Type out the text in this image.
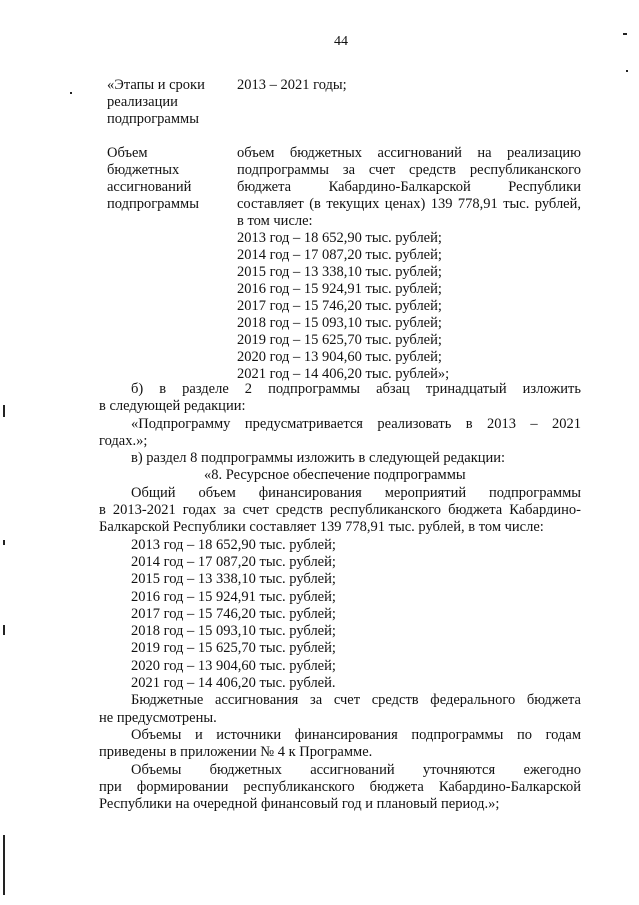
44
«Этапы и сроки
реализации
подпрограммы
2013 – 2021 годы;
Объем
бюджетных
ассигнований
подпрограммы
объем бюджетных ассигнований на реализацию
подпрограммы за счет средств республиканского
бюджета Кабардино-Балкарской Республики
составляет (в текущих ценах) 139 778,91 тыс. рублей,
в том числе:
2013 год – 18 652,90 тыс. рублей;
2014 год – 17 087,20 тыс. рублей;
2015 год – 13 338,10 тыс. рублей;
2016 год – 15 924,91 тыс. рублей;
2017 год – 15 746,20 тыс. рублей;
2018 год – 15 093,10 тыс. рублей;
2019 год – 15 625,70 тыс. рублей;
2020 год – 13 904,60 тыс. рублей;
2021 год – 14 406,20 тыс. рублей»;
б) в разделе 2 подпрограммы абзац тринадцатый изложить
в следующей редакции:
«Подпрограмму предусматривается реализовать в 2013 – 2021
годах.»;
в) раздел 8 подпрограммы изложить в следующей редакции:
«8. Ресурсное обеспечение подпрограммы
Общий объем финансирования мероприятий подпрограммы
в 2013-2021 годах за счет средств республиканского бюджета Кабардино-
Балкарской Республики составляет 139 778,91 тыс. рублей, в том числе:
2013 год – 18 652,90 тыс. рублей;
2014 год – 17 087,20 тыс. рублей;
2015 год – 13 338,10 тыс. рублей;
2016 год – 15 924,91 тыс. рублей;
2017 год – 15 746,20 тыс. рублей;
2018 год – 15 093,10 тыс. рублей;
2019 год – 15 625,70 тыс. рублей;
2020 год – 13 904,60 тыс. рублей;
2021 год – 14 406,20 тыс. рублей.
Бюджетные ассигнования за счет средств федерального бюджета
не предусмотрены.
Объемы и источники финансирования подпрограммы по годам
приведены в приложении № 4 к Программе.
Объемы бюджетных ассигнований уточняются ежегодно
при формировании республиканского бюджета Кабардино-Балкарской
Республики на очередной финансовый год и плановый период.»;
